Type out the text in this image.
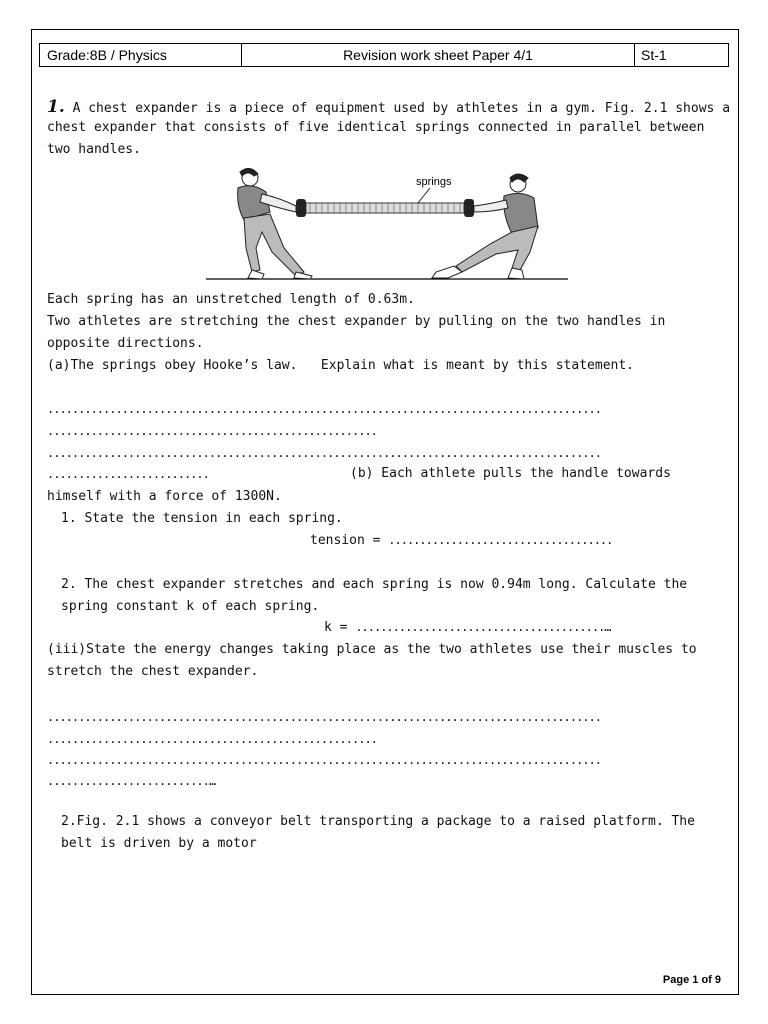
Grade:8B / Physics	Revision work sheet Paper 4/1	St-1
1. A chest expander is a piece of equipment used by athletes in a gym. Fig. 2.1 shows a
chest expander that consists of five identical springs connected in parallel between
two handles.
springs
Each spring has an unstretched length of 0.63m.
Two athletes are stretching the chest expander by pulling on the two handles in
opposite directions.
(a)The springs obey Hooke’s law.   Explain what is meant by this statement.
.........................................................................................
.....................................................
.........................................................................................
..........................	(b) Each athlete pulls the handle towards
himself with a force of 1300N.
1. State the tension in each spring.
tension = ....................................
2. The chest expander stretches and each spring is now 0.94m long. Calculate the
spring constant k of each spring.
k = ........................................…
(iii)State the energy changes taking place as the two athletes use their muscles to
stretch the chest expander.
.........................................................................................
.....................................................
.........................................................................................
..........................…
2.Fig. 2.1 shows a conveyor belt transporting a package to a raised platform. The
belt is driven by a motor
Page 1 of 9
